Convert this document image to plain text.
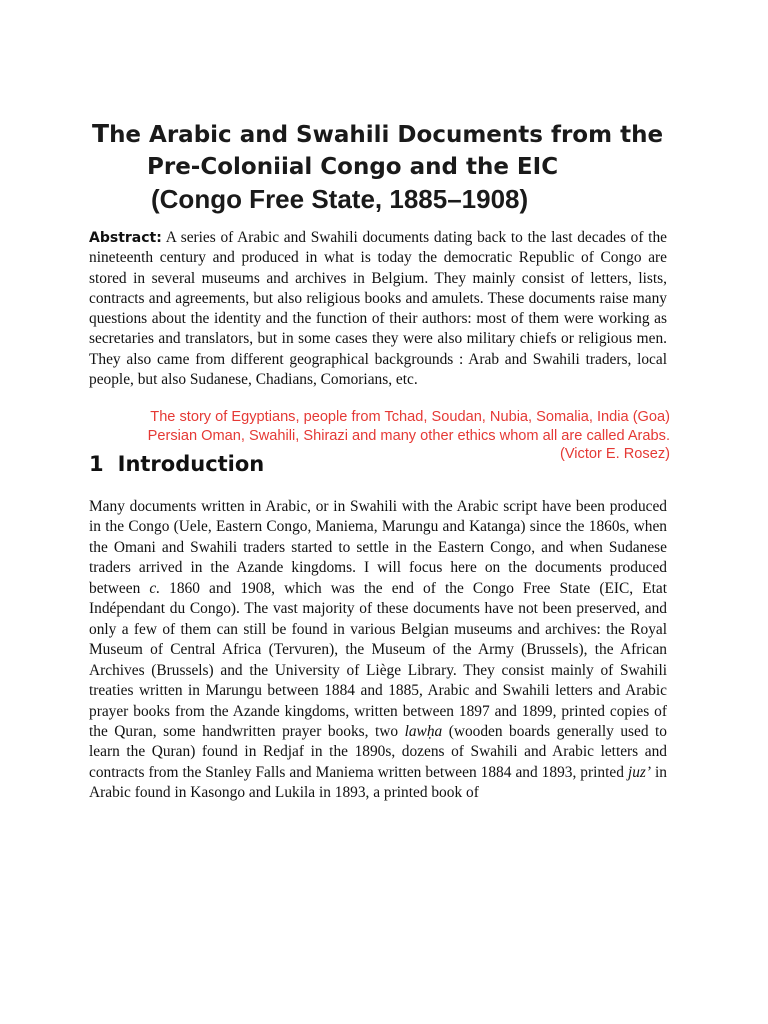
The Arabic and Swahili Documents from the
Pre-Coloniial Congo and the EIC
(Congo Free State, 1885–1908)
Abstract: A series of Arabic and Swahili documents dating back to the last decades of the nineteenth century and produced in what is today the democratic Republic of Congo are stored in several museums and archives in Belgium. They mainly consist of letters, lists, contracts and agreements, but also religious books and amulets. These documents raise many questions about the identity and the function of their authors: most of them were working as secretaries and translators, but in some cases they were also military chiefs or religious men. They also came from different geographical backgrounds : Arab and Swahili traders, local people, but also Sudanese, Chadians, Comorians, etc.
The story of Egyptians, people from Tchad, Soudan, Nubia, Somalia, India (Goa)
Persian Oman, Swahili, Shirazi and many other ethics whom all are called Arabs.
(Victor E. Rosez)
1 Introduction

Many documents written in Arabic, or in Swahili with the Arabic script have been produced in the Congo (Uele, Eastern Congo, Maniema, Marungu and Katanga) since the 1860s, when the Omani and Swahili traders started to settle in the Eastern Congo, and when Sudanese traders arrived in the Azande kingdoms. I will focus here on the documents produced between c. 1860 and 1908, which was the end of the Congo Free State (EIC, Etat Indépendant du Congo). The vast majority of these documents have not been preserved, and only a few of them can still be found in various Belgian museums and archives: the Royal Museum of Central Africa (Tervuren), the Museum of the Army (Brussels), the African Archives (Brussels) and the University of Liège Library. They consist mainly of Swahili treaties written in Marungu between 1884 and 1885, Arabic and Swahili letters and Arabic prayer books from the Azande kingdoms, written between 1897 and 1899, printed copies of the Quran, some handwritten prayer books, two lawḥa (wooden boards generally used to learn the Quran) found in Redjaf in the 1890s, dozens of Swahili and Arabic letters and contracts from the Stanley Falls and Maniema written between 1884 and 1893, printed juz’ in Arabic found in Kasongo and Lukila in 1893, a printed book of
